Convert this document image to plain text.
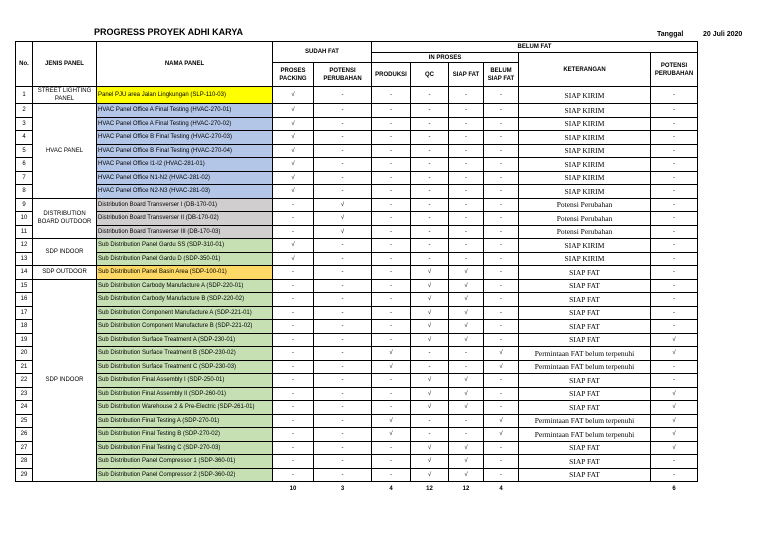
PROGRESS PROYEK ADHI KARYA	Tanggal	20 Juli 2020
No.	JENIS PANEL	NAMA PANEL	SUDAH FAT		BELUM FAT					
					IN PROSES				KETERANGAN	POTENSI PERUBAHAN
			PROSES PACKING	POTENSI PERUBAHAN	PRODUKSI	QC	SIAP FAT	BELUM SIAP FAT		

1	STREET LIGHTING PANEL	Panel PJU area Jalan Lingkungan (SLP-110-03)	√	-	-	-	-	-	SIAP KIRIM	-
2	HVAC PANEL	HVAC Panel Office A Final Testing (HVAC-270-01)	√	-	-	-	-	-	SIAP KIRIM	-
3		HVAC Panel Office A Final Testing (HVAC-270-02)	√	-	-	-	-	-	SIAP KIRIM	-
4		HVAC Panel Office B Final Testing (HVAC-270-03)	√	-	-	-	-	-	SIAP KIRIM	-
5		HVAC Panel Office B Final Testing (HVAC-270-04)	√	-	-	-	-	-	SIAP KIRIM	-
6		HVAC Panel Office I1-I2 (HVAC-281-01)	√	-	-	-	-	-	SIAP KIRIM	-
7		HVAC Panel Office N1-N2 (HVAC-281-02)	√	-	-	-	-	-	SIAP KIRIM	-
8		HVAC Panel Office N2-N3 (HVAC-281-03)	√	-	-	-	-	-	SIAP KIRIM	-
9	DISTRIBUTION BOARD OUTDOOR	Distribution Board Transverser I (DB-170-01)	-	√	-	-	-	-	Potensi Perubahan	-
10		Distribution Board Transverser II (DB-170-02)	-	√	-	-	-	-	Potensi Perubahan	-
11		Distribution Board Transverser III (DB-170-03)	-	√	-	-	-	-	Potensi Perubahan	-
12	SDP INDOOR	Sub Distribution Panel Gardu SS (SDP-310-01)	√	-	-	-	-	-	SIAP KIRIM	-
13		Sub Distribution Panel Gardu D (SDP-350-01)	√	-	-	-	-	-	SIAP KIRIM	-
14	SDP OUTDOOR	Sub Distribution Panel Basin Area (SDP-100-01)	-	-	-	√	√	-	SIAP FAT	-
15	SDP INDOOR	Sub Distribution Carbody Manufacture A (SDP-220-01)	-	-	-	√	√	-	SIAP FAT	-
16		Sub Distribution Carbody Manufacture B (SDP-220-02)	-	-	-	√	√	-	SIAP FAT	-
17		Sub Distribution Component Manufacture A (SDP-221-01)	-	-	-	√	√	-	SIAP FAT	-
18		Sub Distribution Component Manufacture B (SDP-221-02)	-	-	-	√	√	-	SIAP FAT	-
19		Sub Distribution Surface Treatment A (SDP-230-01)	-	-	-	√	√	-	SIAP FAT	√
20		Sub Distribution Surface Treatment B (SDP-230-02)	-	-	√	-	-	√	Permintaan FAT belum terpenuhi	√
21		Sub Distribution Surface Treatment C (SDP-230-03)	-	-	√	-	-	√	Permintaan FAT belum terpenuhi	-
22		Sub Distribution Final Assembly I (SDP-250-01)	-	-	-	√	√	-	SIAP FAT	-
23		Sub Distribution Final Assembly II (SDP-260-01)	-	-	-	√	√	-	SIAP FAT	√
24		Sub Distribution Warehouse 2 & Pre-Electric (SDP-261-01)	-	-	-	√	√	-	SIAP FAT	√
25		Sub Distribution Final Testing A (SDP-270-01)	-	-	√	-	-	√	Permintaan FAT belum terpenuhi	√
26		Sub Distribution Final Testing B (SDP-270-02)	-	-	√	-	-	√	Permintaan FAT belum terpenuhi	√
27		Sub Distribution Final Testing C (SDP-270-03)	-	-	-	√	√	-	SIAP FAT	√
28		Sub Distribution Panel Compressor 1 (SDP-360-01)	-	-	-	√	√	-	SIAP FAT	-
29		Sub Distribution Panel Compressor 2 (SDP-360-02)	-	-	-	√	√	-	SIAP FAT	-
			10	3	4	12	12	4		6
